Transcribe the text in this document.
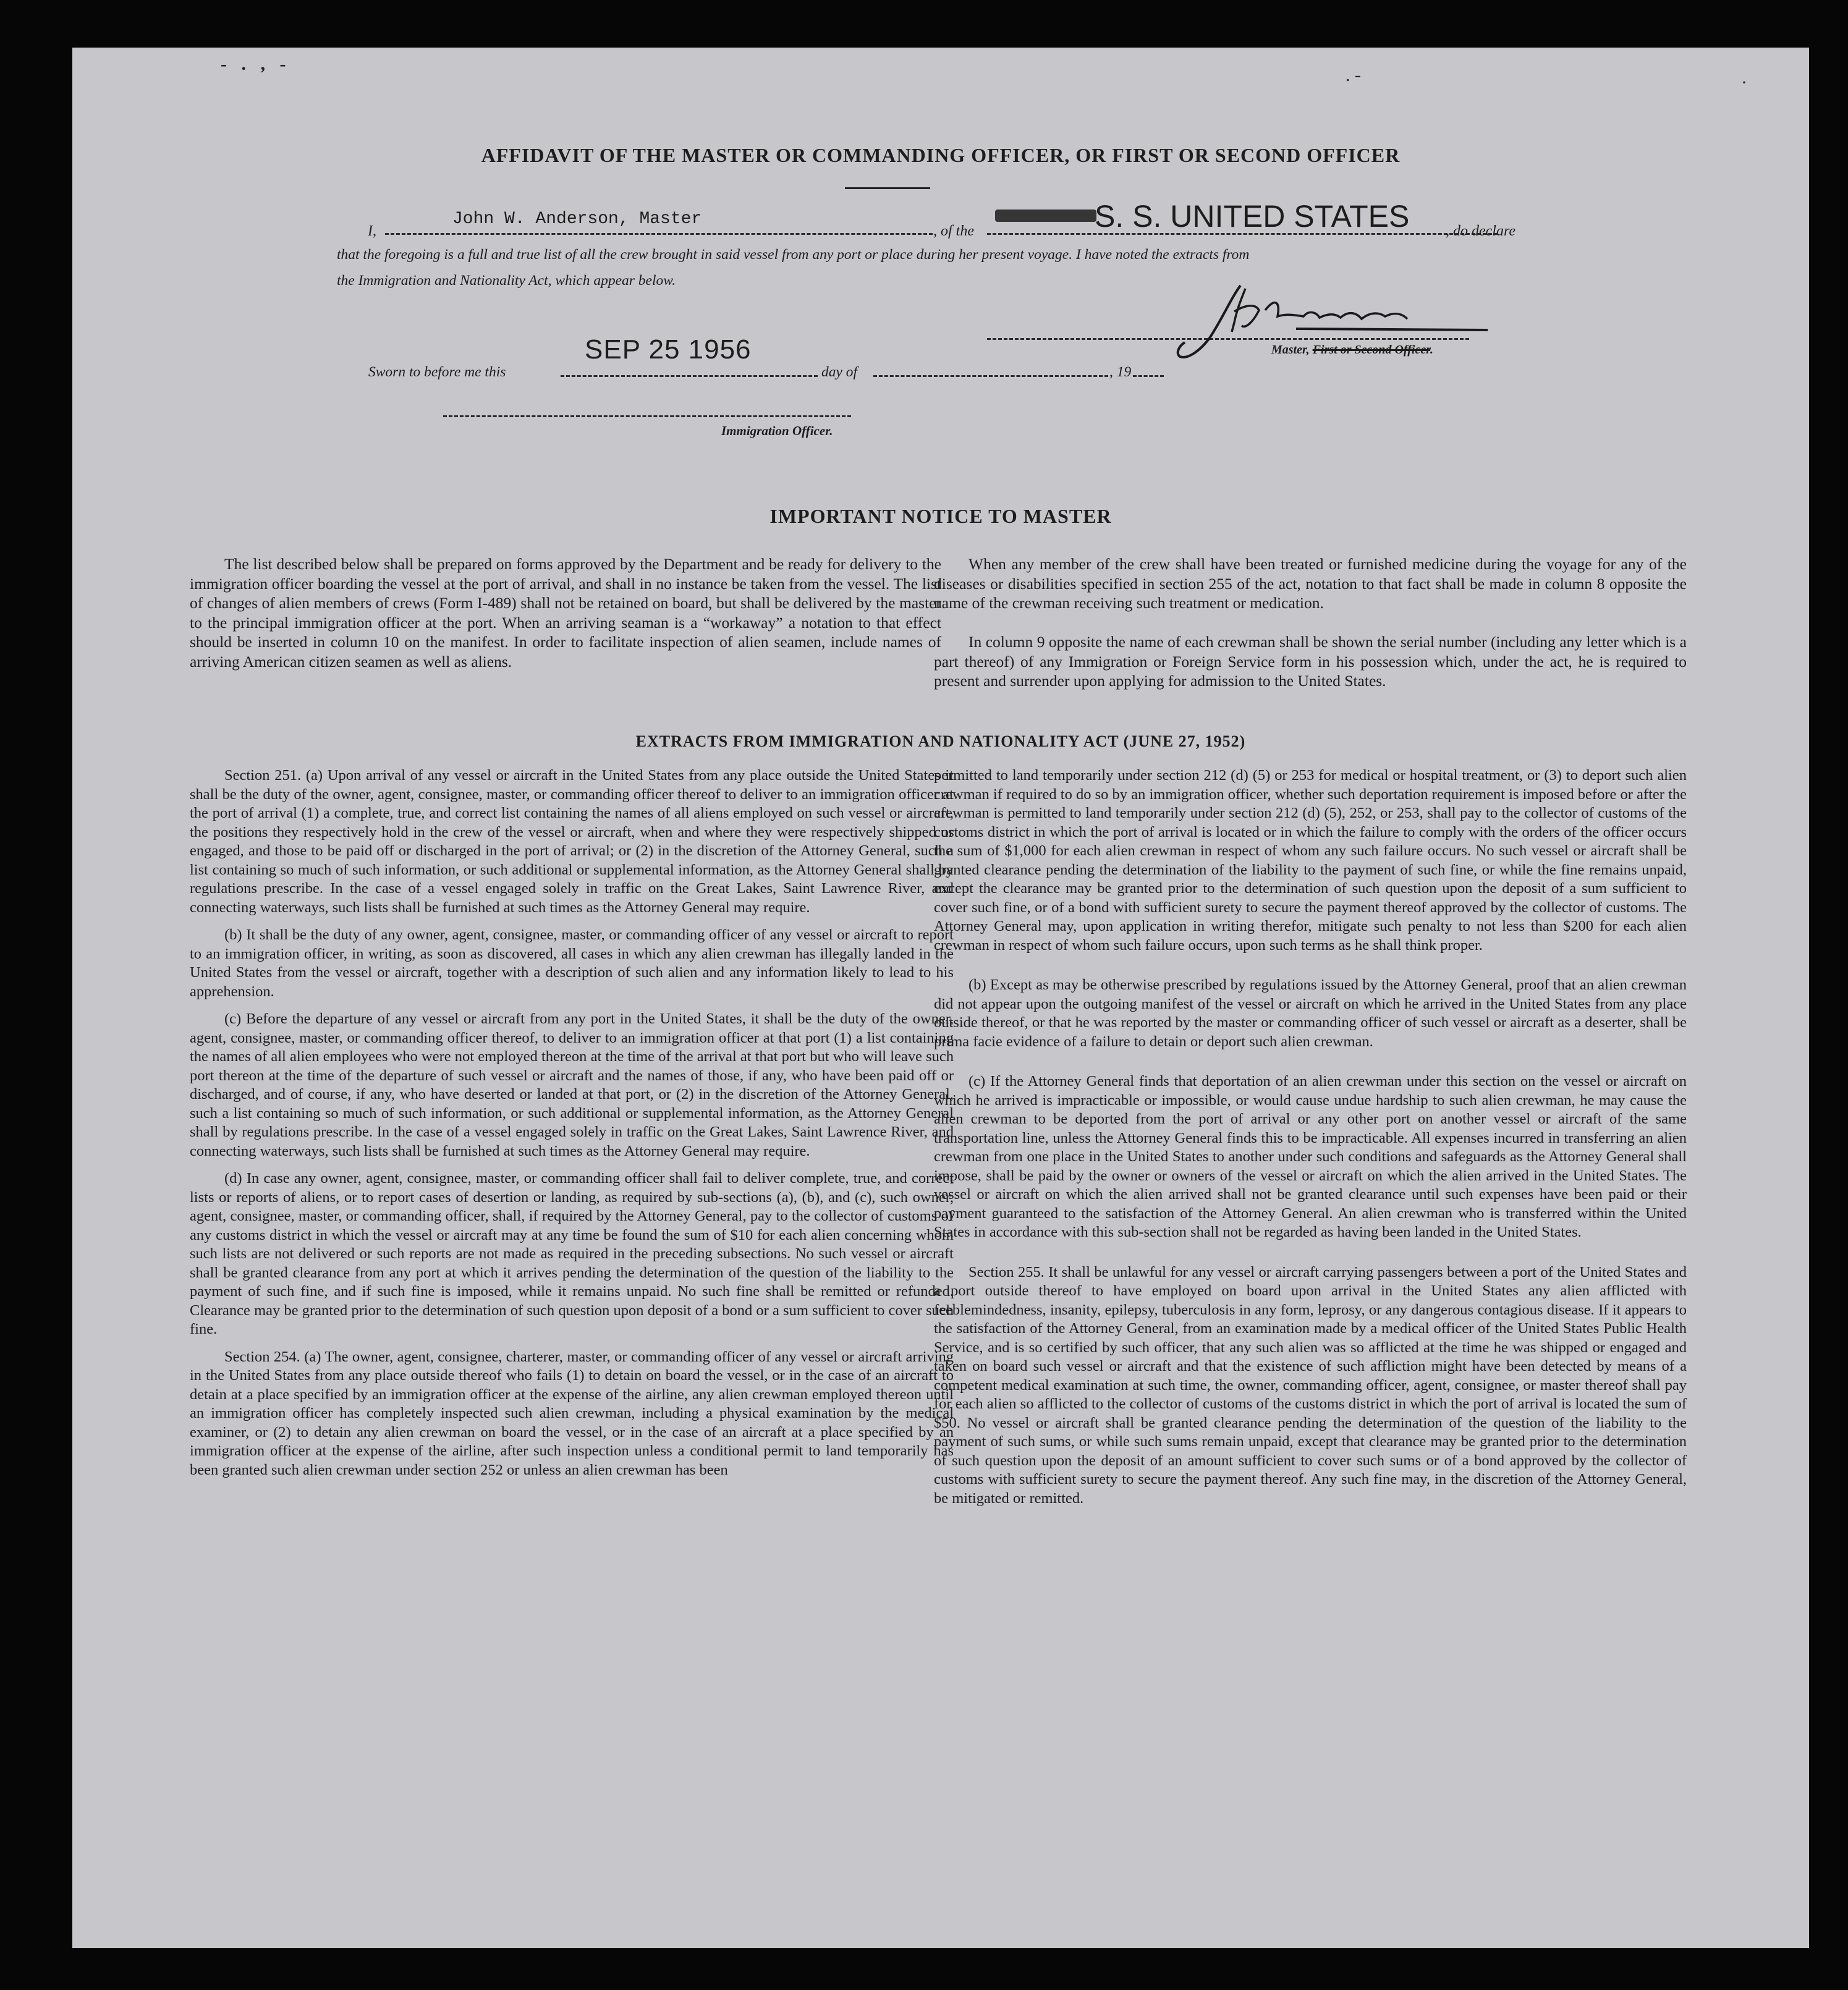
- . , -
. -	·
AFFIDAVIT OF THE MASTER OR COMMANDING OFFICER, OR FIRST OR SECOND OFFICER
I,
John W. Anderson, Master
, of the	S. S. UNITED STATES , do declare
that the foregoing is a full and true list of all the crew brought in said vessel from any port or place during her present voyage. I have noted the extracts from
the Immigration and Nationality Act, which appear below.
Master, First or Second Officer.
Sworn to before me this
SEP 25 1956
day of	, 19
Immigration Officer.
IMPORTANT NOTICE TO MASTER

The list described below shall be prepared on forms approved by the Department and be ready for delivery to the immigration officer boarding the vessel at the port of arrival, and shall in no instance be taken from the vessel. The list of changes of alien members of crews (Form I-489) shall not be retained on board, but shall be delivered by the master to the principal immigration officer at the port. When an arriving seaman is a “workaway” a notation to that effect should be inserted in column 10 on the manifest. In order to facilitate inspection of alien seamen, include names of arriving American citizen seamen as well as aliens.

When any member of the crew shall have been treated or furnished medicine during the voyage for any of the diseases or disabilities specified in section 255 of the act, notation to that fact shall be made in column 8 opposite the name of the crewman receiving such treatment or medication.

In column 9 opposite the name of each crewman shall be shown the serial number (including any letter which is a part thereof) of any Immigration or Foreign Service form in his possession which, under the act, he is required to present and surrender upon applying for admission to the United States.

EXTRACTS FROM IMMIGRATION AND NATIONALITY ACT (JUNE 27, 1952)

Section 251. (a) Upon arrival of any vessel or aircraft in the United States from any place outside the United States it shall be the duty of the owner, agent, consignee, master, or commanding officer thereof to deliver to an immigration officer at the port of arrival (1) a complete, true, and correct list containing the names of all aliens employed on such vessel or aircraft, the positions they respectively hold in the crew of the vessel or aircraft, when and where they were respectively shipped or engaged, and those to be paid off or discharged in the port of arrival; or (2) in the discretion of the Attorney General, such a list containing so much of such information, or such additional or supplemental information, as the Attorney General shall by regulations prescribe. In the case of a vessel engaged solely in traffic on the Great Lakes, Saint Lawrence River, and connecting waterways, such lists shall be furnished at such times as the Attorney General may require.

(b) It shall be the duty of any owner, agent, consignee, master, or commanding officer of any vessel or aircraft to report to an immigration officer, in writing, as soon as discovered, all cases in which any alien crewman has illegally landed in the United States from the vessel or aircraft, together with a description of such alien and any information likely to lead to his apprehension.

(c) Before the departure of any vessel or aircraft from any port in the United States, it shall be the duty of the owner, agent, consignee, master, or commanding officer thereof, to deliver to an immigration officer at that port (1) a list containing the names of all alien employees who were not employed thereon at the time of the arrival at that port but who will leave such port thereon at the time of the departure of such vessel or aircraft and the names of those, if any, who have been paid off or discharged, and of course, if any, who have deserted or landed at that port, or (2) in the discretion of the Attorney General, such a list containing so much of such information, or such additional or supplemental information, as the Attorney General shall by regulations prescribe. In the case of a vessel engaged solely in traffic on the Great Lakes, Saint Lawrence River, and connecting waterways, such lists shall be furnished at such times as the Attorney General may require.

(d) In case any owner, agent, consignee, master, or commanding officer shall fail to deliver complete, true, and correct lists or reports of aliens, or to report cases of desertion or landing, as required by sub-sections (a), (b), and (c), such owner, agent, consignee, master, or commanding officer, shall, if required by the Attorney General, pay to the collector of customs of any customs district in which the vessel or aircraft may at any time be found the sum of $10 for each alien concerning whom such lists are not delivered or such reports are not made as required in the preceding subsections. No such vessel or aircraft shall be granted clearance from any port at which it arrives pending the determination of the question of the liability to the payment of such fine, and if such fine is imposed, while it remains unpaid. No such fine shall be remitted or refunded. Clearance may be granted prior to the determination of such question upon deposit of a bond or a sum sufficient to cover such fine.

Section 254. (a) The owner, agent, consignee, charterer, master, or commanding officer of any vessel or aircraft arriving in the United States from any place outside thereof who fails (1) to detain on board the vessel, or in the case of an aircraft to detain at a place specified by an immigration officer at the expense of the airline, any alien crewman employed thereon until an immigration officer has completely inspected such alien crewman, including a physical examination by the medical examiner, or (2) to detain any alien crewman on board the vessel, or in the case of an aircraft at a place specified by an immigration officer at the expense of the airline, after such inspection unless a conditional permit to land temporarily has been granted such alien crewman under section 252 or unless an alien crewman has been

permitted to land temporarily under section 212 (d) (5) or 253 for medical or hospital treatment, or (3) to deport such alien crewman if required to do so by an immigration officer, whether such deportation requirement is imposed before or after the crewman is permitted to land temporarily under section 212 (d) (5), 252, or 253, shall pay to the collector of customs of the customs district in which the port of arrival is located or in which the failure to comply with the orders of the officer occurs the sum of $1,000 for each alien crewman in respect of whom any such failure occurs. No such vessel or aircraft shall be granted clearance pending the determination of the liability to the payment of such fine, or while the fine remains unpaid, except the clearance may be granted prior to the determination of such question upon the deposit of a sum sufficient to cover such fine, or of a bond with sufficient surety to secure the payment thereof approved by the collector of customs. The Attorney General may, upon application in writing therefor, mitigate such penalty to not less than $200 for each alien crewman in respect of whom such failure occurs, upon such terms as he shall think proper.

(b) Except as may be otherwise prescribed by regulations issued by the Attorney General, proof that an alien crewman did not appear upon the outgoing manifest of the vessel or aircraft on which he arrived in the United States from any place outside thereof, or that he was reported by the master or commanding officer of such vessel or aircraft as a deserter, shall be prima facie evidence of a failure to detain or deport such alien crewman.

(c) If the Attorney General finds that deportation of an alien crewman under this section on the vessel or aircraft on which he arrived is impracticable or impossible, or would cause undue hardship to such alien crewman, he may cause the alien crewman to be deported from the port of arrival or any other port on another vessel or aircraft of the same transportation line, unless the Attorney General finds this to be impracticable. All expenses incurred in transferring an alien crewman from one place in the United States to another under such conditions and safeguards as the Attorney General shall impose, shall be paid by the owner or owners of the vessel or aircraft on which the alien arrived in the United States. The vessel or aircraft on which the alien arrived shall not be granted clearance until such expenses have been paid or their payment guaranteed to the satisfaction of the Attorney General. An alien crewman who is transferred within the United States in accordance with this sub-section shall not be regarded as having been landed in the United States.

Section 255. It shall be unlawful for any vessel or aircraft carrying passengers between a port of the United States and a port outside thereof to have employed on board upon arrival in the United States any alien afflicted with feeblemindedness, insanity, epilepsy, tuberculosis in any form, leprosy, or any dangerous contagious disease. If it appears to the satisfaction of the Attorney General, from an examination made by a medical officer of the United States Public Health Service, and is so certified by such officer, that any such alien was so afflicted at the time he was shipped or engaged and taken on board such vessel or aircraft and that the existence of such affliction might have been detected by means of a competent medical examination at such time, the owner, commanding officer, agent, consignee, or master thereof shall pay for each alien so afflicted to the collector of customs of the customs district in which the port of arrival is located the sum of $50. No vessel or aircraft shall be granted clearance pending the determination of the question of the liability to the payment of such sums, or while such sums remain unpaid, except that clearance may be granted prior to the determination of such question upon the deposit of an amount sufficient to cover such sums or of a bond approved by the collector of customs with sufficient surety to secure the payment thereof. Any such fine may, in the discretion of the Attorney General, be mitigated or remitted.
